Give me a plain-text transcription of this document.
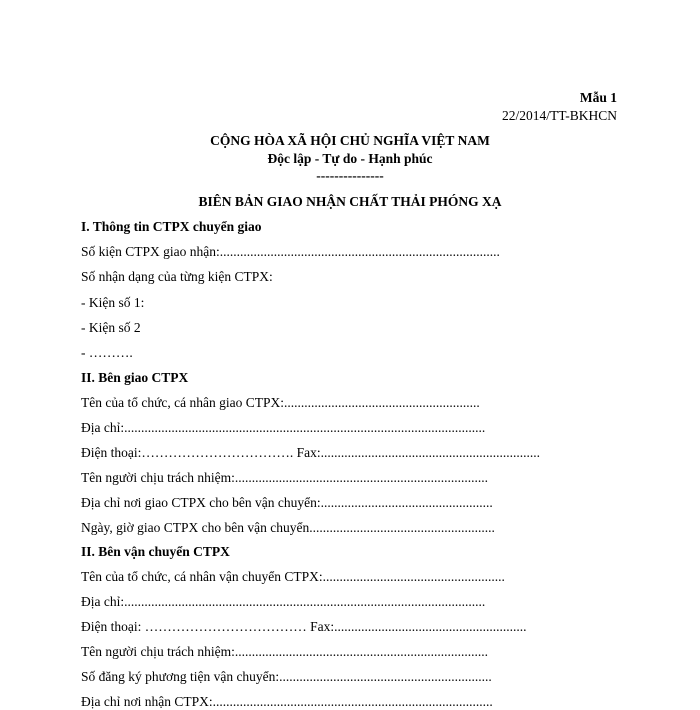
Mẫu 1
22/2014/TT-BKHCN
CỘNG HÒA XÃ HỘI CHỦ NGHĨA VIỆT NAM
Độc lập - Tự do - Hạnh phúc
---------------
BIÊN BẢN GIAO NHẬN CHẤT THẢI PHÓNG XẠ
I. Thông tin CTPX chuyển giao
Số kiện CTPX giao nhận:...................................................................................
Số nhận dạng của từng kiện CTPX:
- Kiện số 1:
- Kiện số 2
- ……….
II. Bên giao CTPX
Tên của tổ chức, cá nhân giao CTPX:..........................................................
Địa chỉ:...........................................................................................................
Điện thoại:……………………………. Fax:.................................................................
Tên người chịu trách nhiệm:...........................................................................
Địa chỉ nơi giao CTPX cho bên vận chuyển:...................................................
Ngày, giờ giao CTPX cho bên vận chuyển.......................................................
II. Bên vận chuyển CTPX
Tên của tổ chức, cá nhân vận chuyển CTPX:......................................................
Địa chỉ:...........................................................................................................
Điện thoại: ……………………………… Fax:.........................................................
Tên người chịu trách nhiệm:...........................................................................
Số đăng ký phương tiện vận chuyển:...............................................................
Địa chỉ nơi nhận CTPX:...................................................................................
